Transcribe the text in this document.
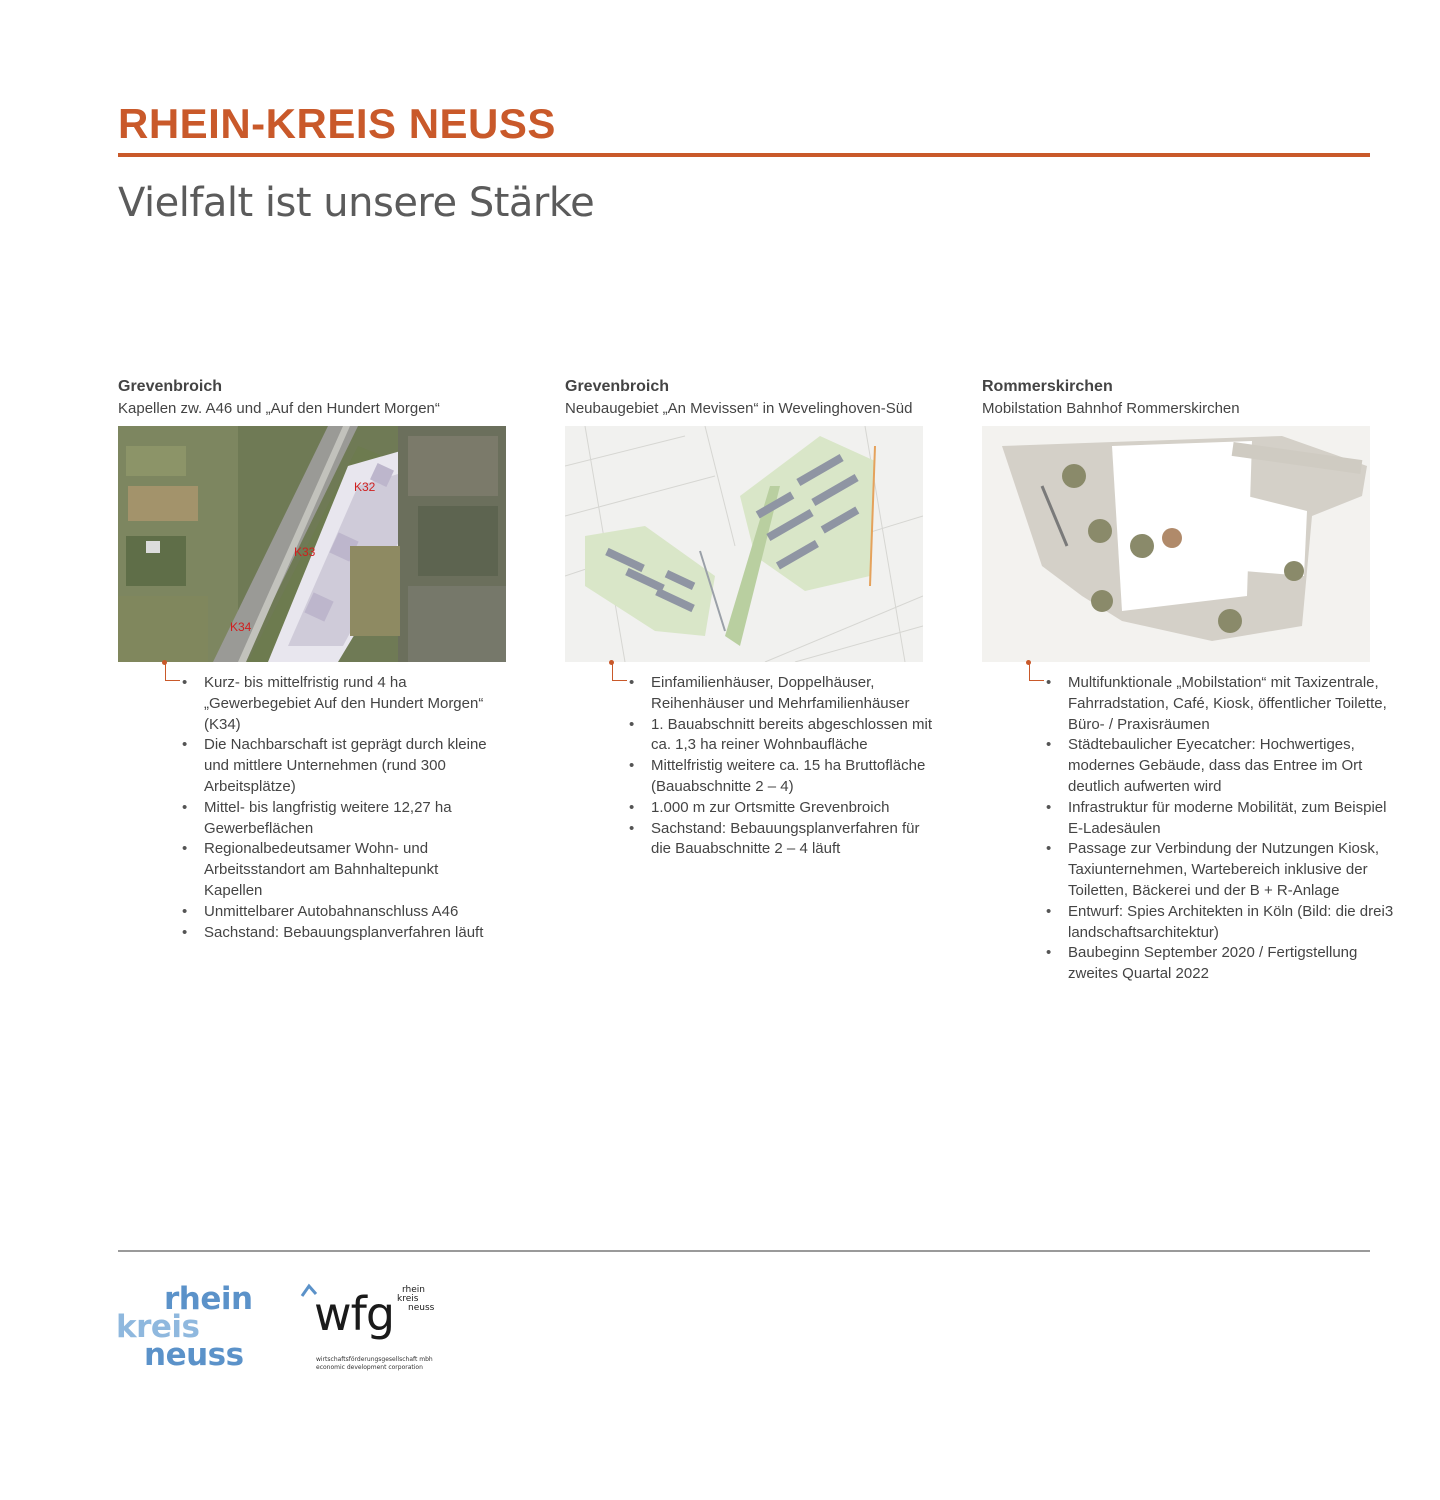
RHEIN-KREIS NEUSS
Vielfalt ist unsere Stärke
Grevenbroich

Kapellen zw. A46 und „Auf den Hundert Morgen“

K32
K33
K34
• Kurz- bis mittelfristig rund 4 ha „Gewerbegebiet Auf den Hundert Morgen“ (K34)
• Die Nachbarschaft ist geprägt durch kleine und mittlere Unternehmen (rund 300 Arbeitsplätze)
• Mittel- bis langfristig weitere 12,27 ha Gewerbeflächen
• Regionalbedeutsamer Wohn- und Arbeitsstandort am Bahnhaltepunkt Kapellen
• Unmittelbarer Autobahnanschluss A46
• Sachstand: Bebauungsplanverfahren läuft
Grevenbroich

Neubaugebiet „An Mevissen“ in Wevelinghoven-Süd

• Einfamilienhäuser, Doppelhäuser, Reihenhäuser und Mehrfamilienhäuser
• 1. Bauabschnitt bereits abgeschlossen mit ca. 1,3 ha reiner Wohnbaufläche
• Mittelfristig weitere ca. 15 ha Bruttofläche (Bauabschnitte 2 – 4)
• 1.000 m zur Ortsmitte Grevenbroich
• Sachstand: Bebauungsplanverfahren für die Bauabschnitte 2 – 4 läuft
Rommerskirchen

Mobilstation Bahnhof Rommerskirchen

• Multifunktionale „Mobilstation“ mit Taxizentrale, Fahrradstation, Café, Kiosk, öffentlicher Toilette, Büro- / Praxisräumen
• Städtebaulicher Eyecatcher: Hochwertiges, modernes Gebäude, dass das Entree im Ort deutlich aufwerten wird
• Infrastruktur für moderne Mobilität, zum Beispiel E-Ladesäulen
• Passage zur Verbindung der Nutzungen Kiosk, Taxiunternehmen, Wartebereich inklusive der Toiletten, Bäckerei und der B + R-Anlage
• Entwurf: Spies Architekten in Köln (Bild: die drei3 landschaftsarchitektur)
• Baubeginn September 2020 / Fertigstellung zweites Quartal 2022
rhein
kreis
neuss
wfg rhein
kreis
neuss
wirtschaftsförderungsgesellschaft mbh
economic development corporation
